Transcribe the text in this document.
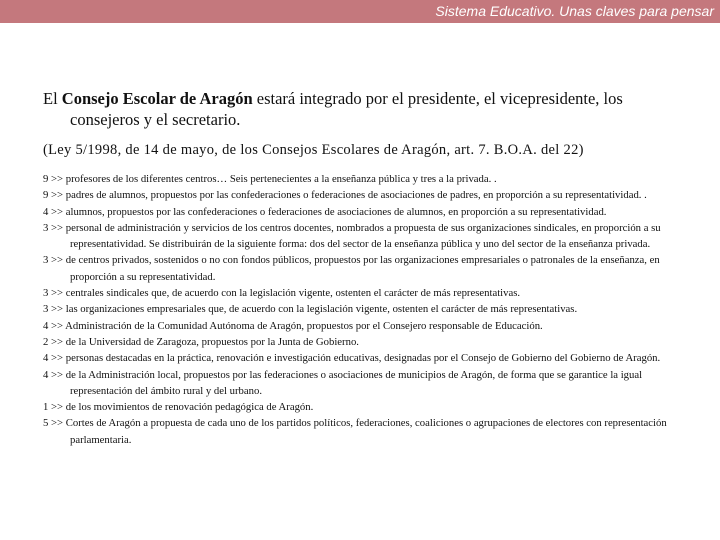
Sistema Educativo. Unas claves para pensar

El Consejo Escolar de Aragón estará integrado por el presidente, el vicepresidente, los consejeros y el secretario.

(Ley 5/1998, de 14 de mayo, de los Consejos Escolares de Aragón, art. 7. B.O.A. del 22)

9 >> profesores de los diferentes centros… Seis pertenecientes a la enseñanza pública y tres a la privada. .
9 >> padres de alumnos, propuestos por las confederaciones o federaciones de asociaciones de padres, en proporción a su representatividad. .
4 >> alumnos, propuestos por las confederaciones o federaciones de asociaciones de alumnos, en proporción a su representatividad.
3 >> personal de administración y servicios de los centros docentes, nombrados a propuesta de sus organizaciones sindicales, en proporción a su representatividad. Se distribuirán de la siguiente forma: dos del sector de la enseñanza pública y uno del sector de la enseñanza privada.
3 >> de centros privados, sostenidos o no con fondos públicos, propuestos por las organizaciones empresariales o patronales de la enseñanza, en proporción a su representatividad.
3 >> centrales sindicales que, de acuerdo con la legislación vigente, ostenten el carácter de más representativas.
3 >> las organizaciones empresariales que, de acuerdo con la legislación vigente, ostenten el carácter de más representativas.
4 >> Administración de la Comunidad Autónoma de Aragón, propuestos por el Consejero responsable de Educación.
2 >> de la Universidad de Zaragoza, propuestos por la Junta de Gobierno.
4 >> personas destacadas en la práctica, renovación e investigación educativas, designadas por el Consejo de Gobierno del Gobierno de Aragón.
4 >> de la Administración local, propuestos por las federaciones o asociaciones de municipios de Aragón, de forma que se garantice la igual representación del ámbito rural y del urbano.
1 >> de los movimientos de renovación pedagógica de Aragón.
5 >> Cortes de Aragón a propuesta de cada uno de los partidos políticos, federaciones, coaliciones o agrupaciones de electores con representación parlamentaria.
